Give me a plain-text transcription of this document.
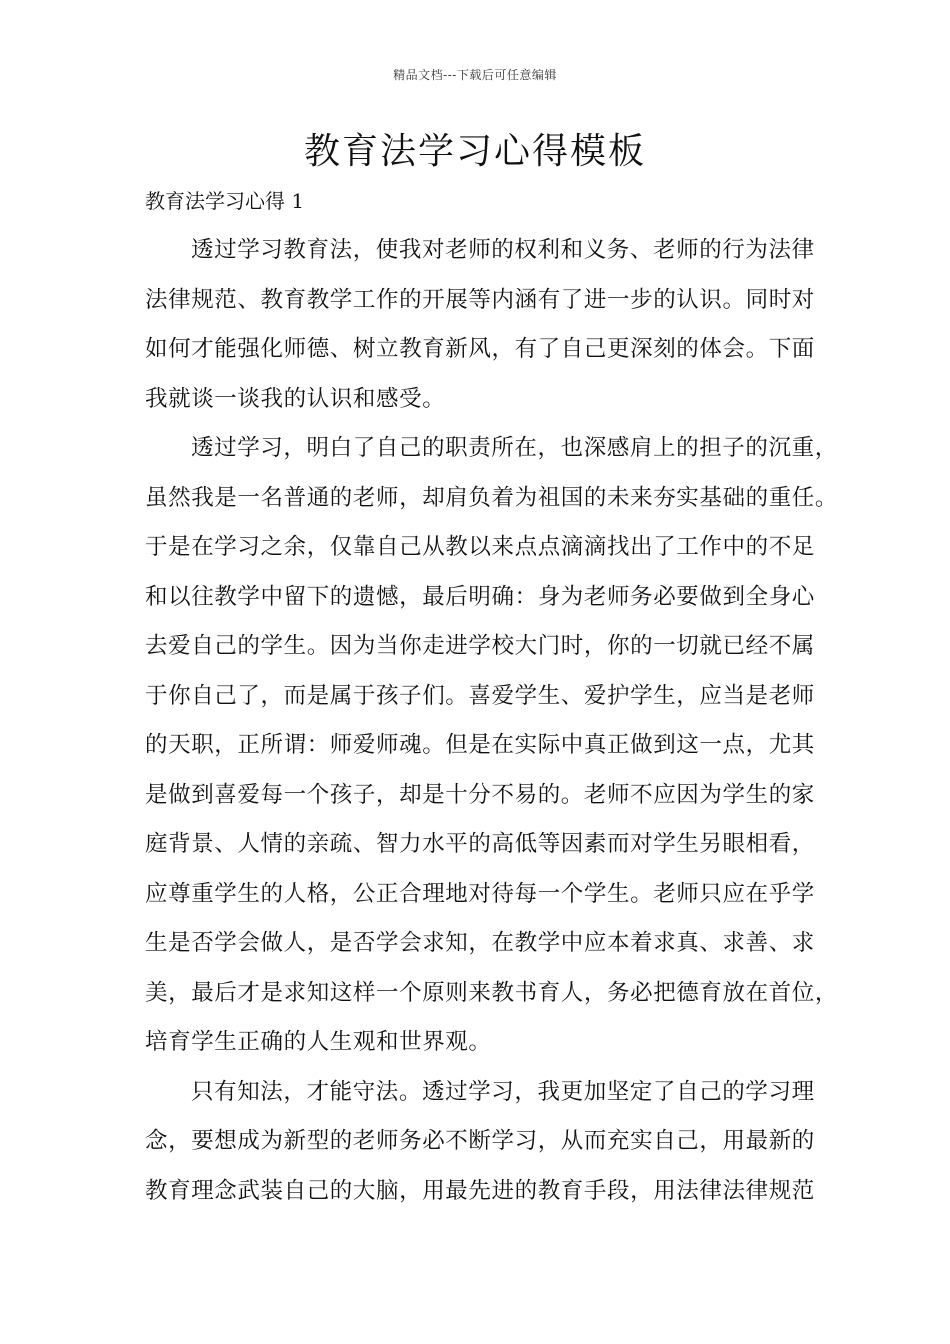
精品文档---下载后可任意编辑
教育法学习心得模板
教育法学习心得 1
透过学习教育法，使我对老师的权利和义务、老师的行为法律
法律规范、教育教学工作的开展等内涵有了进一步的认识。同时对
如何才能强化师德、树立教育新风，有了自己更深刻的体会。下面
我就谈一谈我的认识和感受。
透过学习，明白了自己的职责所在，也深感肩上的担子的沉重，
虽然我是一名普通的老师，却肩负着为祖国的未来夯实基础的重任。
于是在学习之余，仅靠自己从教以来点点滴滴找出了工作中的不足
和以往教学中留下的遗憾，最后明确：身为老师务必要做到全身心
去爱自己的学生。因为当你走进学校大门时，你的一切就已经不属
于你自己了，而是属于孩子们。喜爱学生、爱护学生，应当是老师
的天职，正所谓：师爱师魂。但是在实际中真正做到这一点，尤其
是做到喜爱每一个孩子，却是十分不易的。老师不应因为学生的家
庭背景、人情的亲疏、智力水平的高低等因素而对学生另眼相看，
应尊重学生的人格，公正合理地对待每一个学生。老师只应在乎学
生是否学会做人，是否学会求知，在教学中应本着求真、求善、求
美，最后才是求知这样一个原则来教书育人，务必把德育放在首位，
培育学生正确的人生观和世界观。
只有知法，才能守法。透过学习，我更加坚定了自己的学习理
念，要想成为新型的老师务必不断学习，从而充实自己，用最新的
教育理念武装自己的大脑，用最先进的教育手段，用法律法律规范
